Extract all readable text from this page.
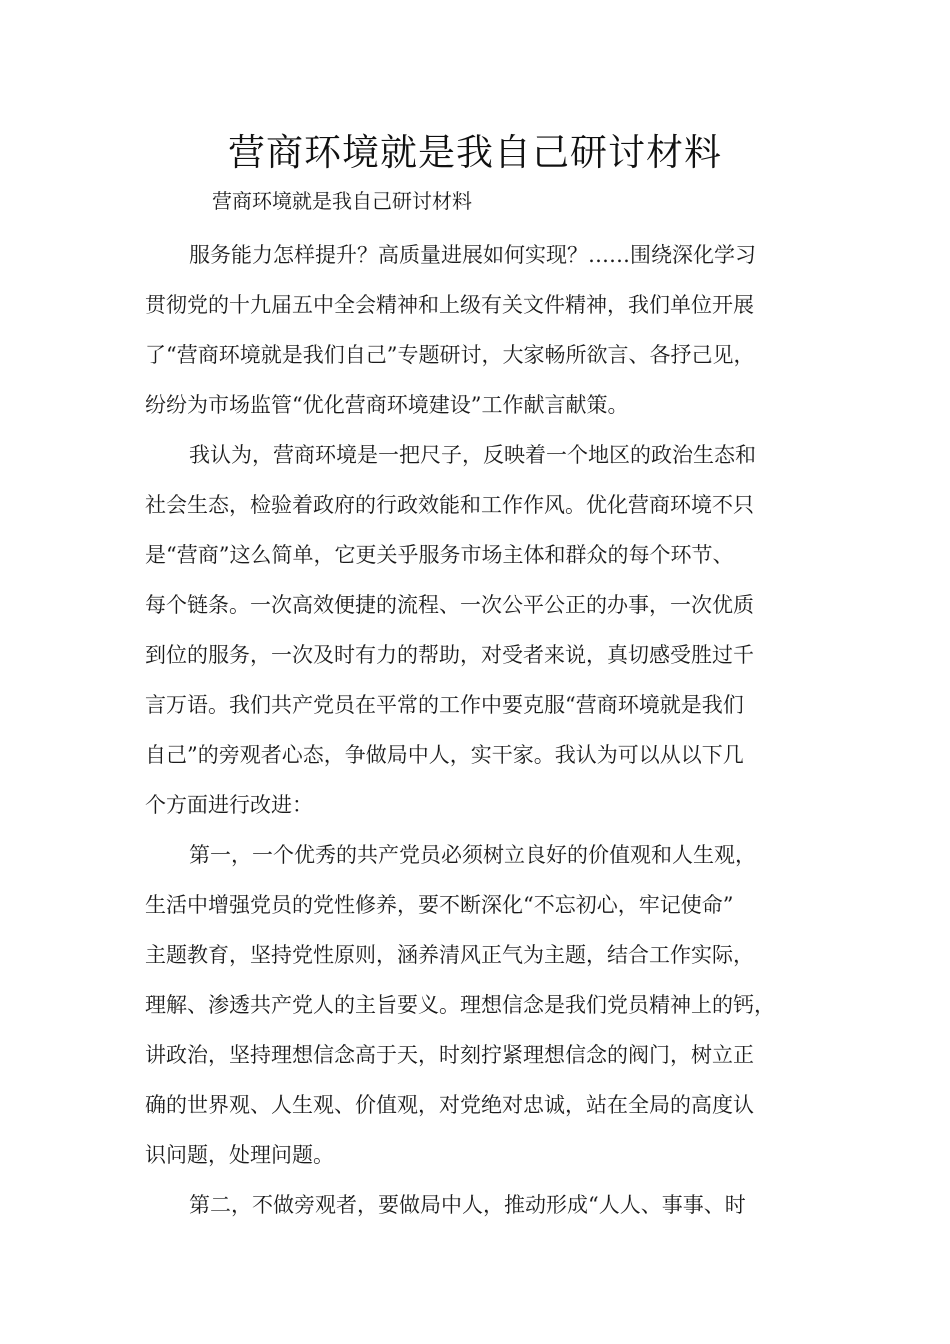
营商环境就是我自己研讨材料

营商环境就是我自己研讨材料

服务能力怎样提升？高质量进展如何实现？……围绕深化学习
贯彻党的十九届五中全会精神和上级有关文件精神，我们单位开展
了“营商环境就是我们自己”专题研讨，大家畅所欲言、各抒己见，
纷纷为市场监管“优化营商环境建设”工作献言献策。
我认为，营商环境是一把尺子，反映着一个地区的政治生态和
社会生态，检验着政府的行政效能和工作作风。优化营商环境不只
是“营商”这么简单，它更关乎服务市场主体和群众的每个环节、
每个链条。一次高效便捷的流程、一次公平公正的办事，一次优质
到位的服务，一次及时有力的帮助，对受者来说，真切感受胜过千
言万语。我们共产党员在平常的工作中要克服“营商环境就是我们
自己”的旁观者心态，争做局中人，实干家。我认为可以从以下几
个方面进行改进：
第一，一个优秀的共产党员必须树立良好的价值观和人生观，
生活中增强党员的党性修养，要不断深化“不忘初心，牢记使命”
主题教育，坚持党性原则，涵养清风正气为主题，结合工作实际，
理解、渗透共产党人的主旨要义。理想信念是我们党员精神上的钙，
讲政治，坚持理想信念高于天，时刻拧紧理想信念的阀门，树立正
确的世界观、人生观、价值观，对党绝对忠诚，站在全局的高度认
识问题，处理问题。
第二，不做旁观者，要做局中人，推动形成“人人、事事、时
